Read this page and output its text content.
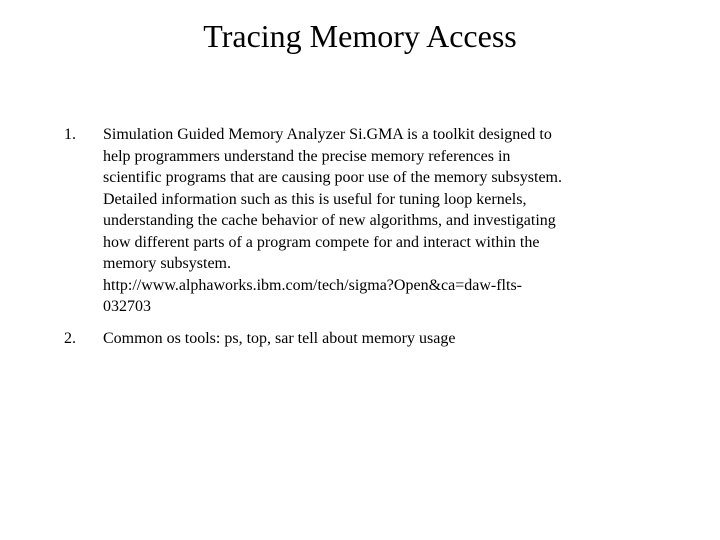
Tracing Memory Access
1. Simulation Guided Memory Analyzer Si.GMA is a toolkit designed to
help programmers understand the precise memory references in
scientific programs that are causing poor use of the memory subsystem.
Detailed information such as this is useful for tuning loop kernels,
understanding the cache behavior of new algorithms, and investigating
how different parts of a program compete for and interact within the
memory subsystem.
http://www.alphaworks.ibm.com/tech/sigma?Open&ca=daw-flts-
032703
2. Common os tools: ps, top, sar tell about memory usage
